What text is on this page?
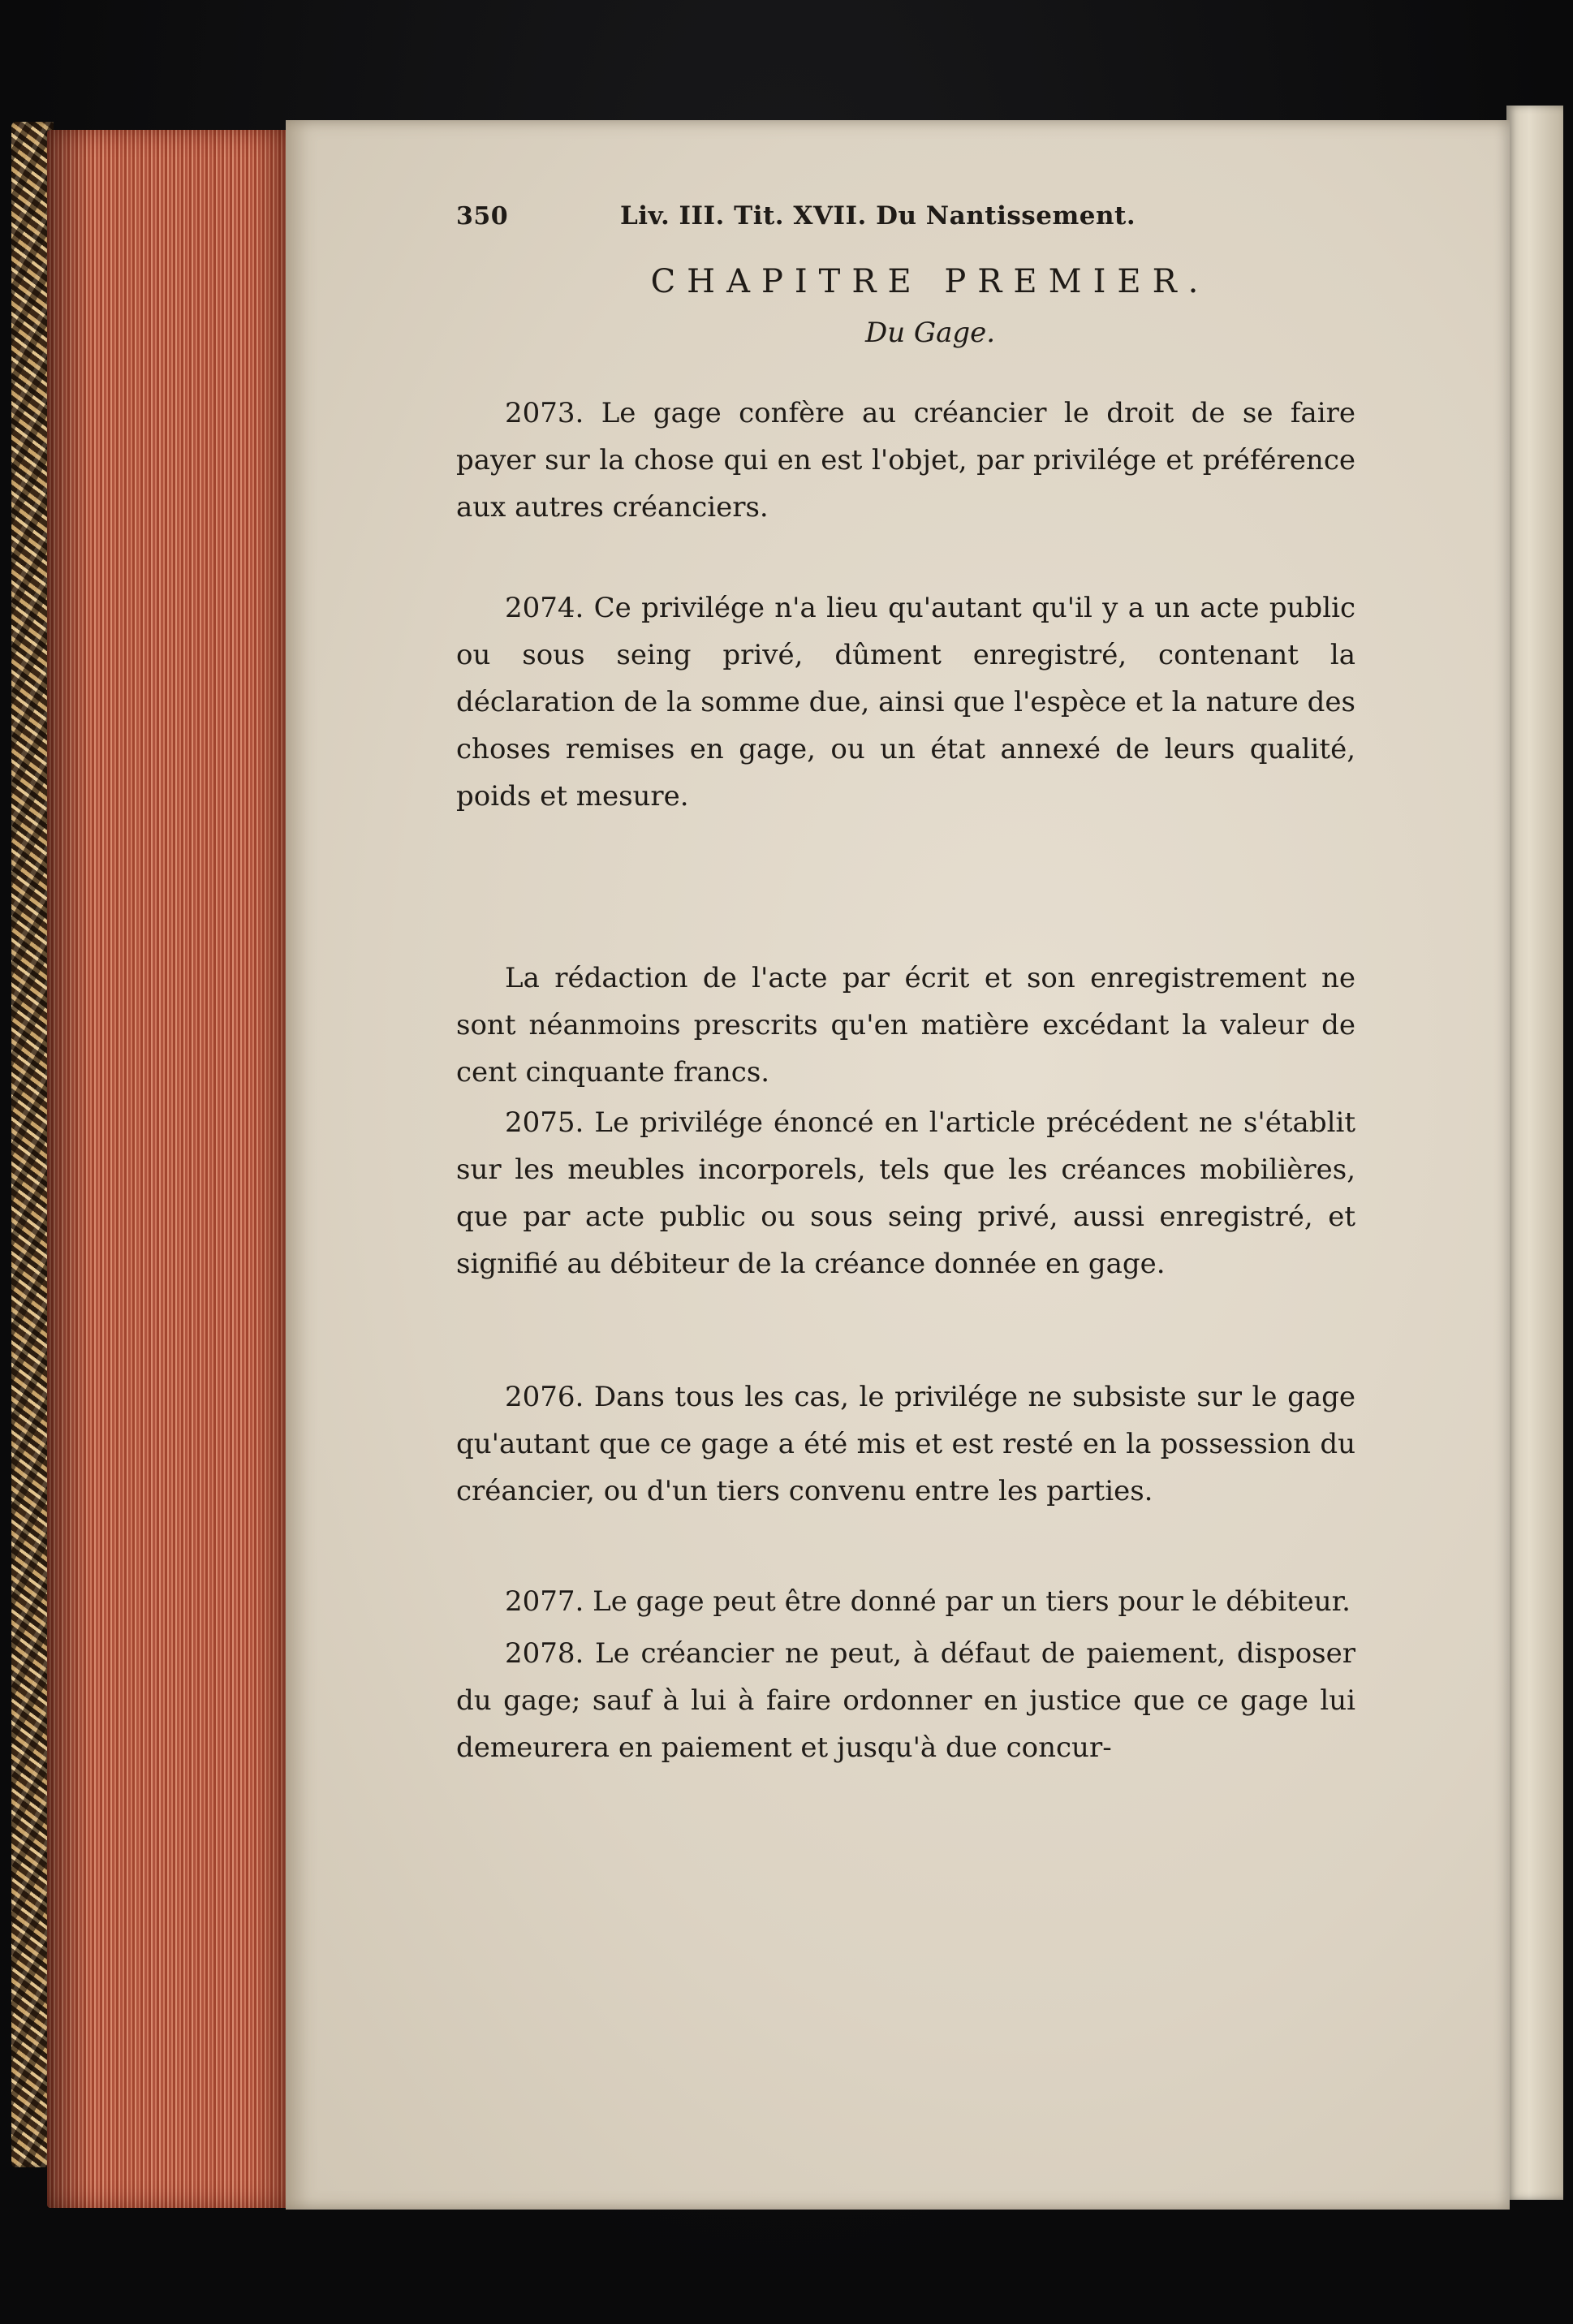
350	Liv. III. Tit. XVII. Du Nantissement.
CHAPITRE PREMIER.
Du Gage.

2073. Le gage confère au créancier le droit de se faire payer sur la chose qui en est l'objet, par privilége et préférence aux autres créanciers.

2074. Ce privilége n'a lieu qu'autant qu'il y a un acte public ou sous seing privé, dûment enregistré, contenant la déclaration de la somme due, ainsi que l'espèce et la nature des choses remises en gage, ou un état annexé de leurs qualité, poids et mesure.

La rédaction de l'acte par écrit et son enregistrement ne sont néanmoins prescrits qu'en matière excédant la valeur de cent cinquante francs.

2075. Le privilége énoncé en l'article précédent ne s'établit sur les meubles incorporels, tels que les créances mobilières, que par acte public ou sous seing privé, aussi enregistré, et signifié au débiteur de la créance donnée en gage.

2076. Dans tous les cas, le privilége ne subsiste sur le gage qu'autant que ce gage a été mis et est resté en la possession du créancier, ou d'un tiers convenu entre les parties.

2077. Le gage peut être donné par un tiers pour le débiteur.

2078. Le créancier ne peut, à défaut de paiement, disposer du gage; sauf à lui à faire ordonner en justice que ce gage lui demeurera en paiement et jusqu'à due concur-
